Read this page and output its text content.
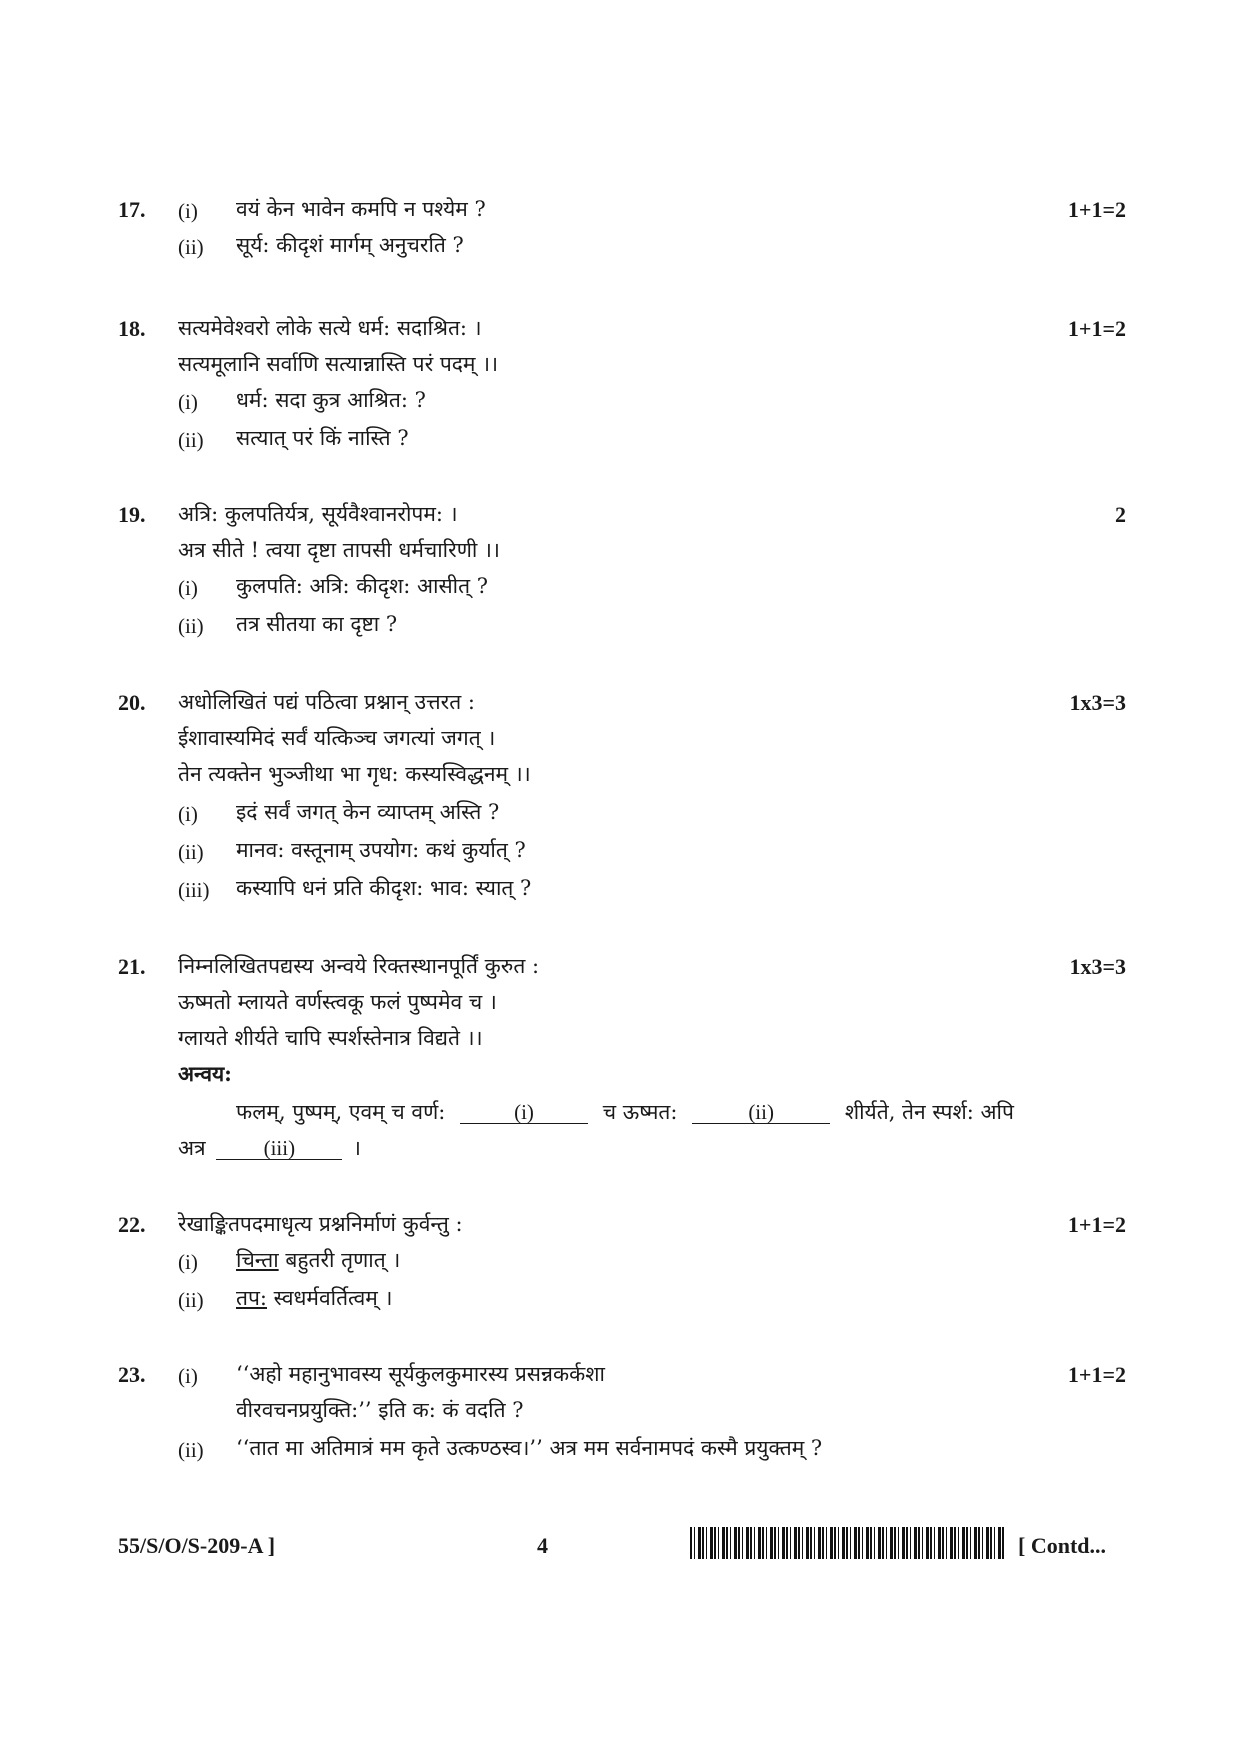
17.	1+1=2
(i) वयं केन भावेन कमपि न पश्येम ?
(ii) सूर्य: कीदृशं मार्गम् अनुचरति ?
18.	1+1=2
सत्यमेवेश्वरो लोके सत्ये धर्म: सदाश्रित: ।
सत्यमूलानि सर्वाणि सत्यान्नास्ति परं पदम् ।।
(i) धर्म: सदा कुत्र आश्रित: ?
(ii) सत्यात् परं किं नास्ति ?
19.	2
अत्रि: कुलपतिर्यत्र, सूर्यवैश्वानरोपम: ।
अत्र सीते ! त्वया दृष्टा तापसी धर्मचारिणी ।।
(i) कुलपति: अत्रि: कीदृश: आसीत् ?
(ii) तत्र सीतया का दृष्टा ?
20.	1x3=3
अधोलिखितं पद्यं पठित्वा प्रश्नान् उत्तरत :
ईशावास्यमिदं सर्वं यत्किञ्च जगत्यां जगत् ।
तेन त्यक्तेन भुञ्जीथा भा गृध: कस्यस्विद्धनम् ।।
(i) इदं सर्वं जगत् केन व्याप्तम् अस्ति ?
(ii) मानव: वस्तूनाम् उपयोग: कथं कुर्यात् ?
(iii) कस्यापि धनं प्रति कीदृश: भाव: स्यात् ?
21.	1x3=3
निम्नलिखितपद्यस्य अन्वये रिक्तस्थानपूर्तिं कुरुत :
ऊष्मतो म्लायते वर्णस्त्वकू फलं पुष्पमेव च ।
ग्लायते शीर्यते चापि स्पर्शस्तेनात्र विद्यते ।।
अन्वय:
फलम्, पुष्पम्, एवम् च वर्ण:	(i)	च ऊष्मत:	(ii)	शीर्यते, तेन स्पर्श: अपि
अत्र	(iii)	।
22.	1+1=2
रेखाङ्कितपदमाधृत्य प्रश्ननिर्माणं कुर्वन्तु :
(i) चिन्ता बहुतरी तृणात् ।
(ii) तप: स्वधर्मवर्तित्वम् ।
23.	1+1=2
(i) ‘‘अहो महानुभावस्य सूर्यकुलकुमारस्य प्रसन्नकर्कशा
वीरवचनप्रयुक्ति:’’ इति क: कं वदति ?
(ii) ‘‘तात मा अतिमात्रं मम कृते उत्कण्ठस्व।’’ अत्र मम सर्वनामपदं कस्मै प्रयुक्तम् ?
55/S/O/S-209-A ]	4	[ Contd...
